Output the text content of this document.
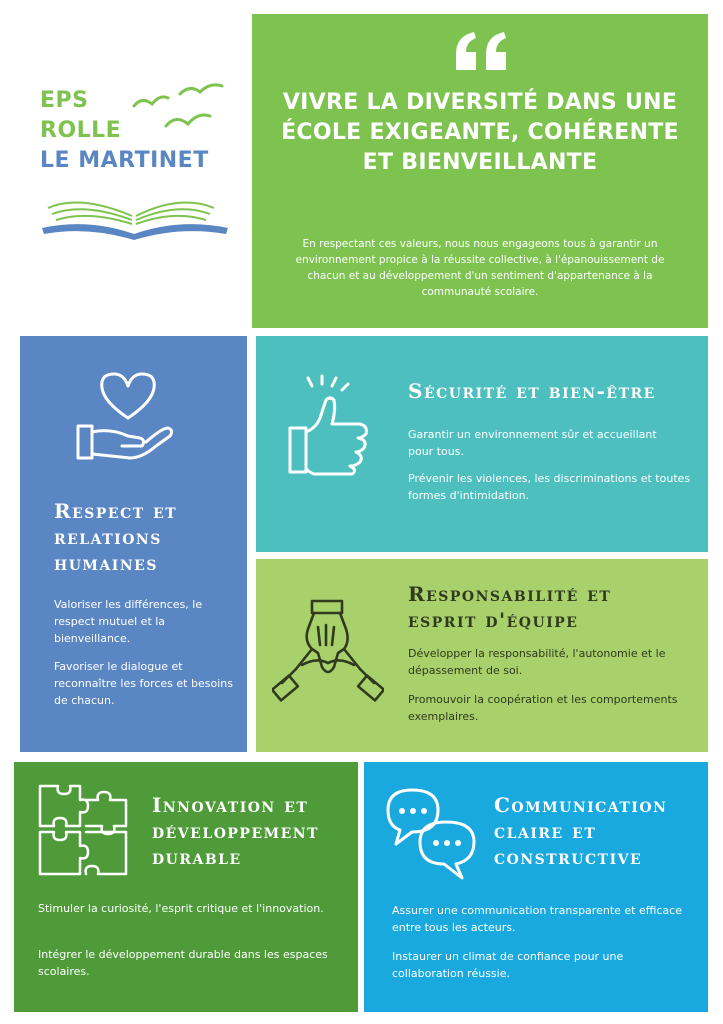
EPS
ROLLE
LE MARTINET
VIVRE LA DIVERSITÉ DANS UNE ÉCOLE EXIGEANTE, COHÉRENTE ET BIENVEILLANTE

En respectant ces valeurs, nous nous engageons tous à garantir un environnement propice à la réussite collective, à l'épanouissement de chacun et au développement d'un sentiment d'appartenance à la communauté scolaire.

Respect et
relations
humaines

Valoriser les différences, le respect mutuel et la bienveillance.

Favoriser le dialogue et reconnaître les forces et besoins de chacun.

Sécurité et bien-être

Garantir un environnement sûr et accueillant pour tous.

Prévenir les violences, les discriminations et toutes formes d'intimidation.

Responsabilité et
esprit d'équipe

Développer la responsabilité, l'autonomie et le dépassement de soi.

Promouvoir la coopération et les comportements exemplaires.

Innovation et
développement
durable

Stimuler la curiosité, l'esprit critique et l'innovation.

Intégrer le développement durable dans les espaces scolaires.

Communication
claire et
constructive

Assurer une communication transparente et efficace entre tous les acteurs.

Instaurer un climat de confiance pour une collaboration réussie.
